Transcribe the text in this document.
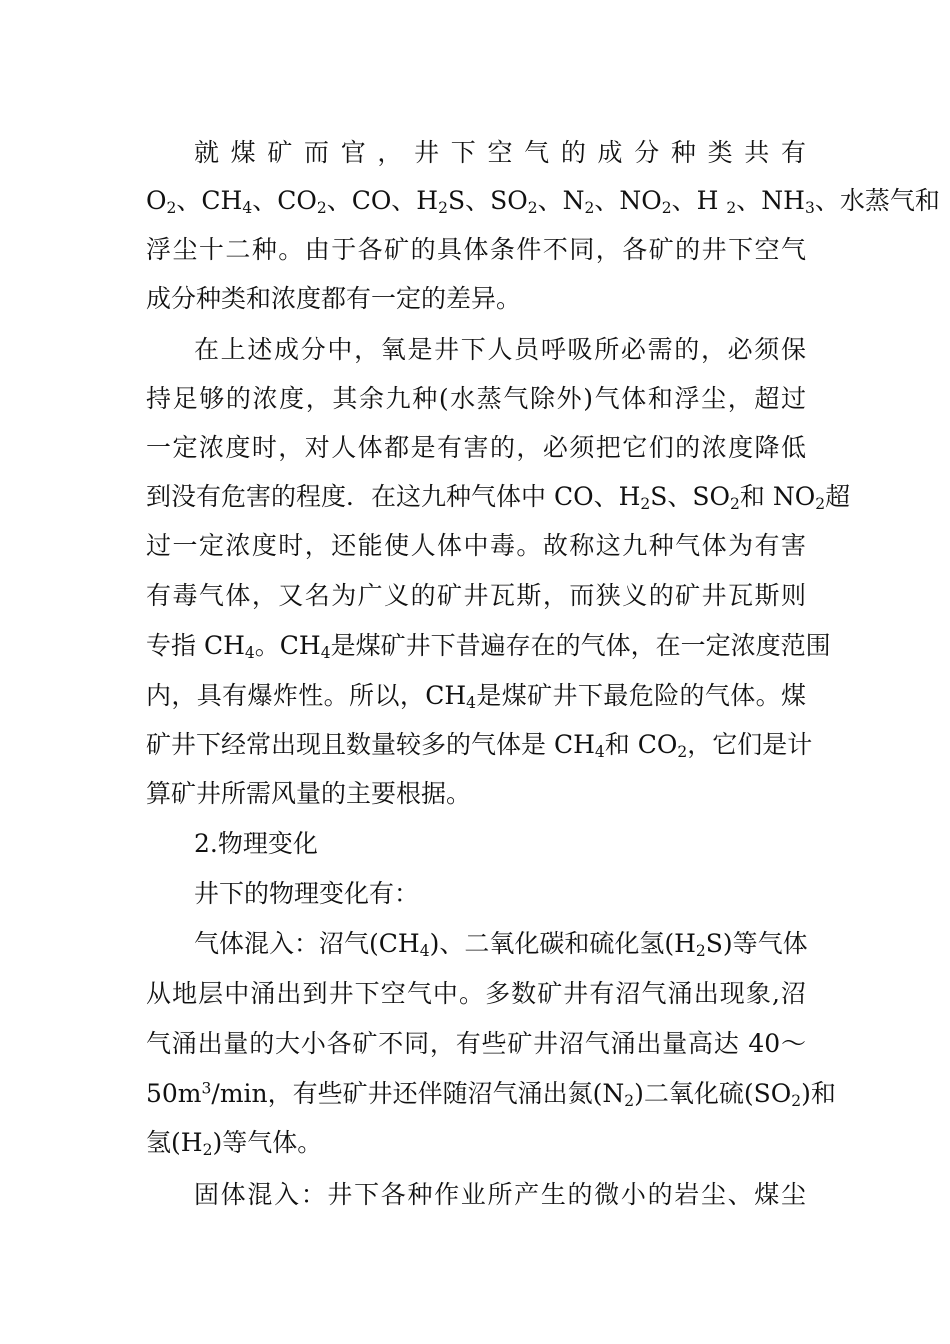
就煤矿而官，井下空气的成分种类共有
$O_2$、$CH_4$、$CO_2$、CO、$H_2S$、$SO_2$、$N_2$、$NO_2$、H $_2$、$NH_3$、水蒸气和
浮尘十二种。由于各矿的具体条件不同，各矿的井下空气
成分种类和浓度都有一定的差异。
在上述成分中，氧是井下人员呼吸所必需的，必须保
持足够的浓度，其余九种(水蒸气除外)气体和浮尘，超过
一定浓度时，对人体都是有害的，必须把它们的浓度降低
到没有危害的程度．在这九种气体中 CO、$H_2S$、$SO_2$和 $NO_2$超
过一定浓度时，还能使人体中毒。故称这九种气体为有害
有毒气体，又名为广义的矿井瓦斯，而狭义的矿井瓦斯则
专指 $CH_4$。$CH_4$是煤矿井下昔遍存在的气体，在一定浓度范围
内，具有爆炸性。所以，$CH_4$是煤矿井下最危险的气体。煤
矿井下经常出现且数量较多的气体是 $CH_4$和 $CO_2$，它们是计
算矿井所需风量的主要根据。
2.物理变化
井下的物理变化有：
气体混入：沼气$(CH_4)$、二氧化碳和硫化氢$(H_2S)$等气体
从地层中涌出到井下空气中。多数矿井有沼气涌出现象,沼
气涌出量的大小各矿不同，有些矿井沼气涌出量高达 40～
$50m^3/\min$，有些矿井还伴随沼气涌出氮$(N_2)$二氧化硫$(SO_2)$和
氢$(H_2)$等气体。
固体混入：井下各种作业所产生的微小的岩尘、煤尘
